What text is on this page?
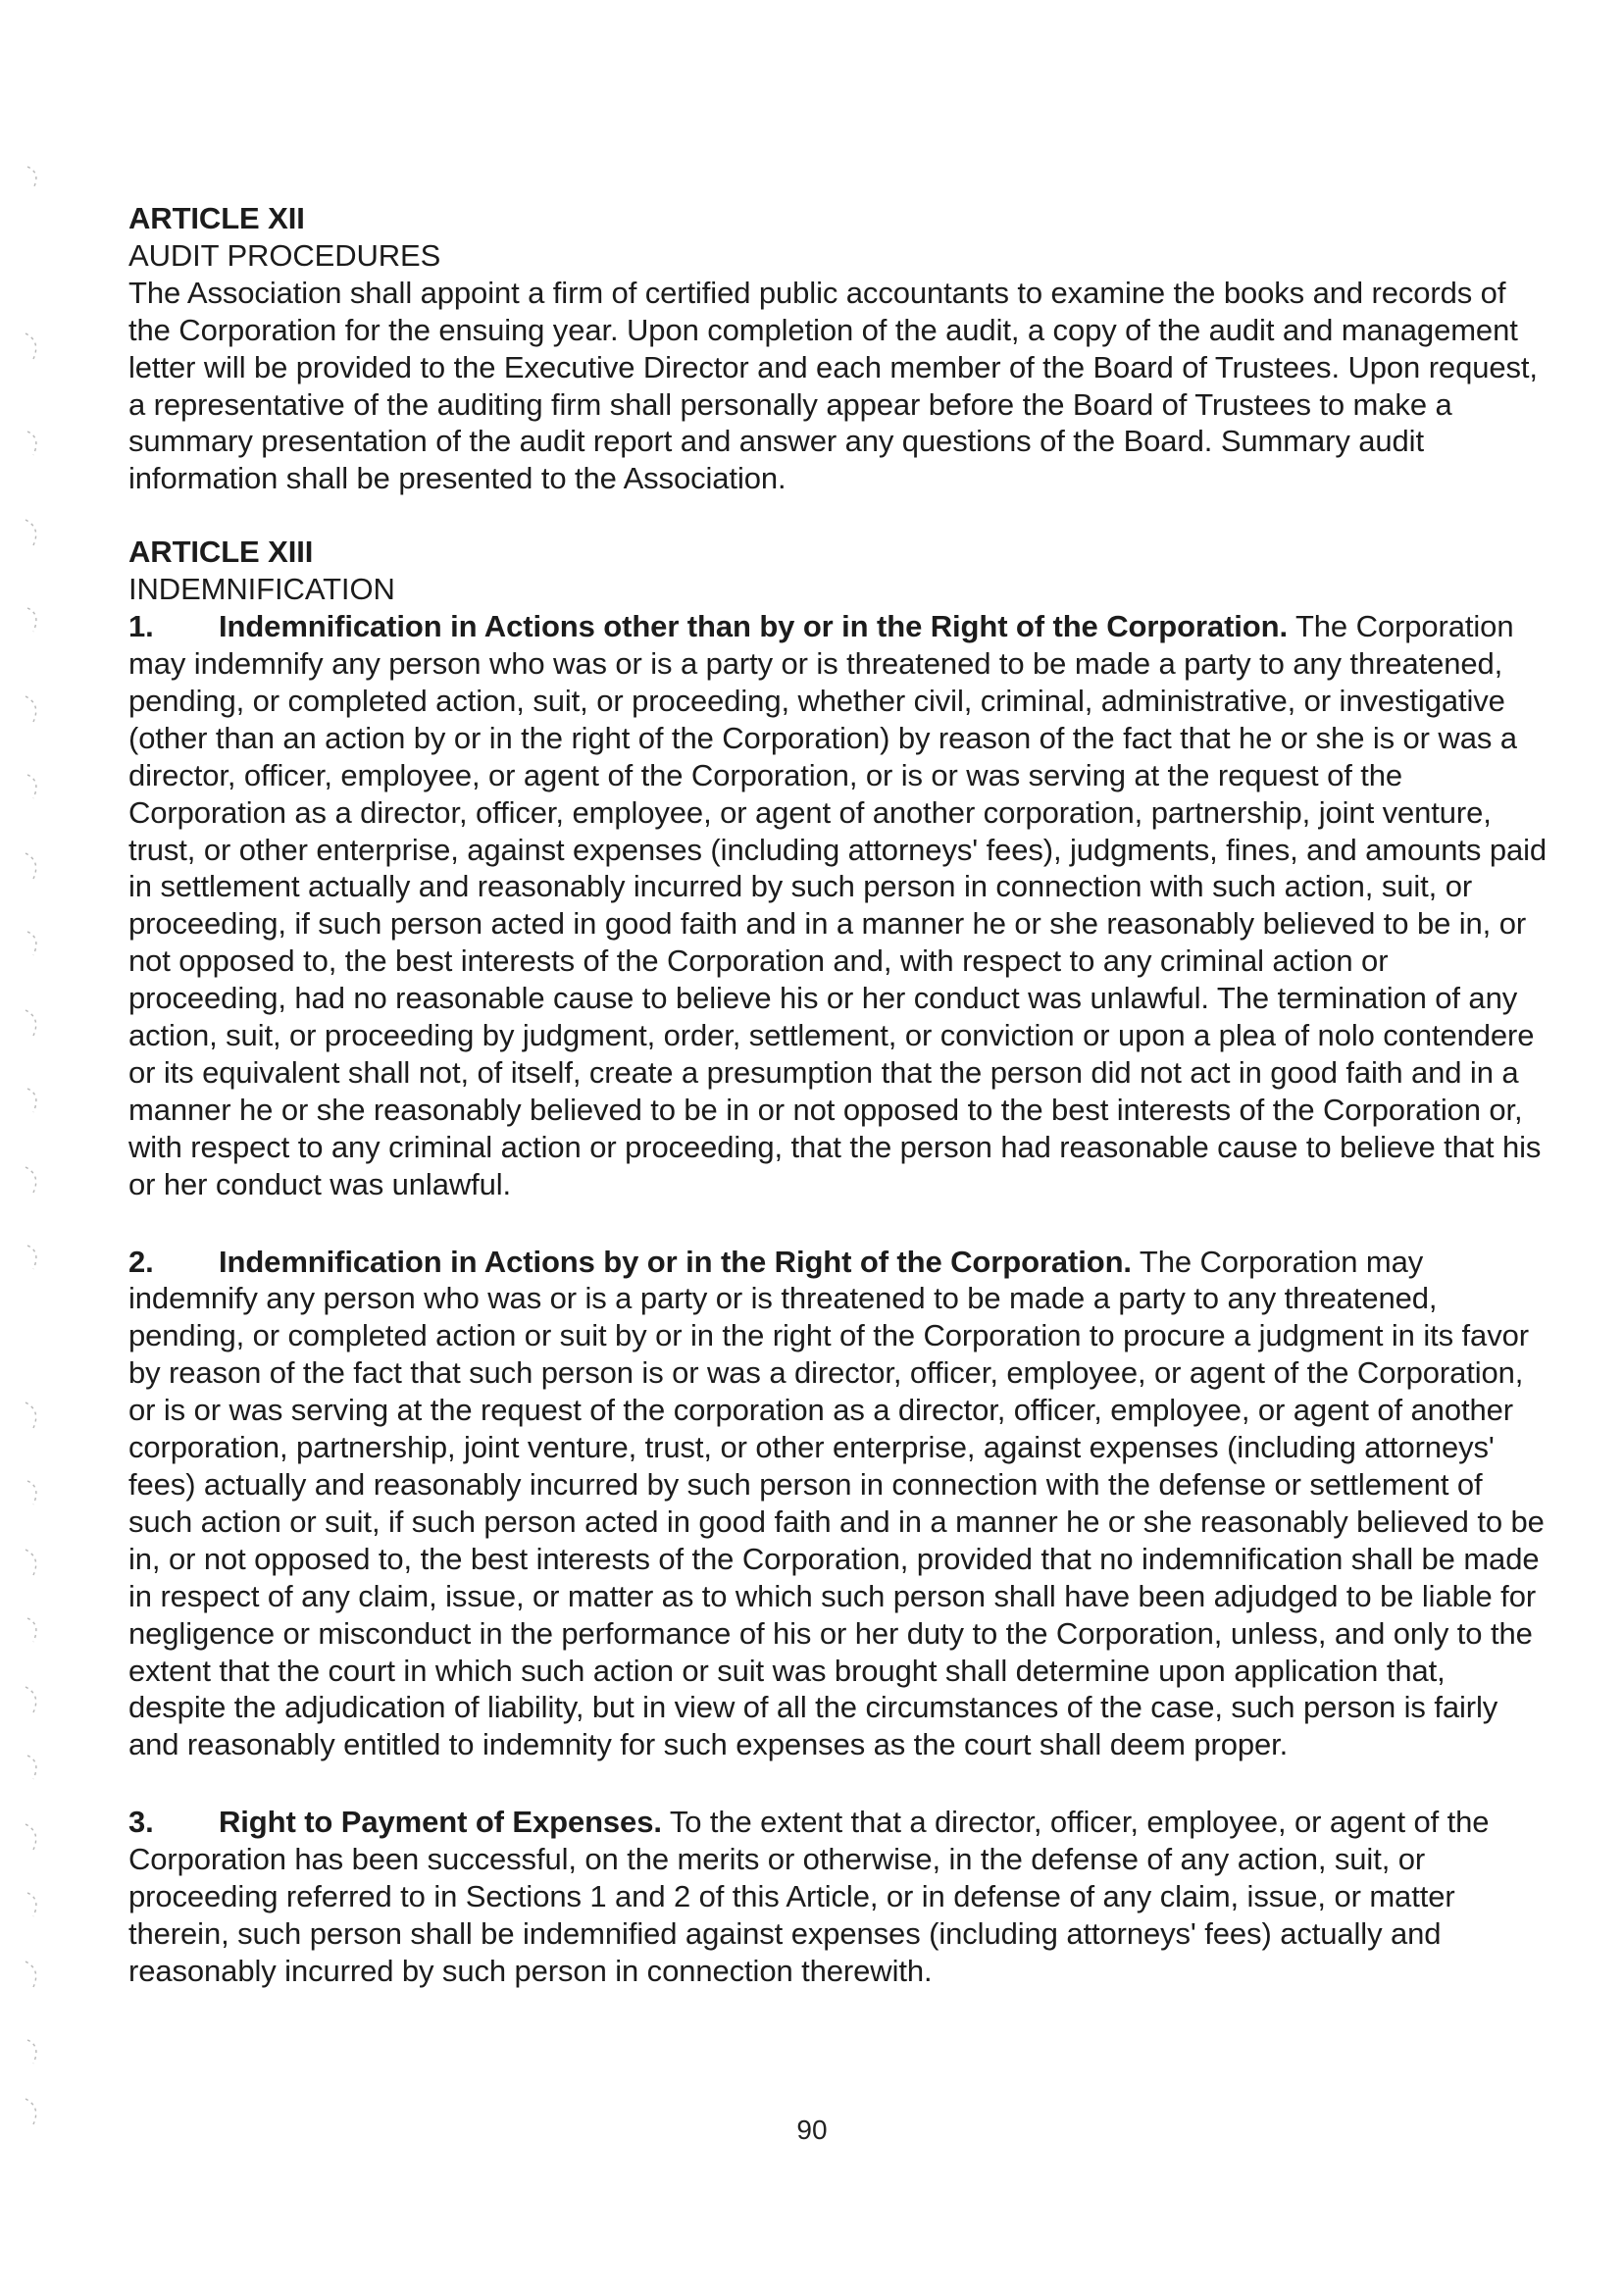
ARTICLE XII

AUDIT PROCEDURES

The Association shall appoint a firm of certified public accountants to examine the books and records of the Corporation for the ensuing year. Upon completion of the audit, a copy of the audit and management letter will be provided to the Executive Director and each member of the Board of Trustees. Upon request, a representative of the auditing firm shall personally appear before the Board of Trustees to make a summary presentation of the audit report and answer any questions of the Board. Summary audit information shall be presented to the Association.

ARTICLE XIII

INDEMNIFICATION

1. Indemnification in Actions other than by or in the Right of the Corporation. The Corporation may indemnify any person who was or is a party or is threatened to be made a party to any threatened, pending, or completed action, suit, or proceeding, whether civil, criminal, administrative, or investigative (other than an action by or in the right of the Corporation) by reason of the fact that he or she is or was a director, officer, employee, or agent of the Corporation, or is or was serving at the request of the Corporation as a director, officer, employee, or agent of another corporation, partnership, joint venture, trust, or other enterprise, against expenses (including attorneys' fees), judgments, fines, and amounts paid in settlement actually and reasonably incurred by such person in connection with such action, suit, or proceeding, if such person acted in good faith and in a manner he or she reasonably believed to be in, or not opposed to, the best interests of the Corporation and, with respect to any criminal action or proceeding, had no reasonable cause to believe his or her conduct was unlawful. The termination of any action, suit, or proceeding by judgment, order, settlement, or conviction or upon a plea of nolo contendere or its equivalent shall not, of itself, create a presumption that the person did not act in good faith and in a manner he or she reasonably believed to be in or not opposed to the best interests of the Corporation or, with respect to any criminal action or proceeding, that the person had reasonable cause to believe that his or her conduct was unlawful.

2. Indemnification in Actions by or in the Right of the Corporation. The Corporation may indemnify any person who was or is a party or is threatened to be made a party to any threatened, pending, or completed action or suit by or in the right of the Corporation to procure a judgment in its favor by reason of the fact that such person is or was a director, officer, employee, or agent of the Corporation, or is or was serving at the request of the corporation as a director, officer, employee, or agent of another corporation, partnership, joint venture, trust, or other enterprise, against expenses (including attorneys' fees) actually and reasonably incurred by such person in connection with the defense or settlement of such action or suit, if such person acted in good faith and in a manner he or she reasonably believed to be in, or not opposed to, the best interests of the Corporation, provided that no indemnification shall be made in respect of any claim, issue, or matter as to which such person shall have been adjudged to be liable for negligence or misconduct in the performance of his or her duty to the Corporation, unless, and only to the extent that the court in which such action or suit was brought shall determine upon application that, despite the adjudication of liability, but in view of all the circumstances of the case, such person is fairly and reasonably entitled to indemnity for such expenses as the court shall deem proper.

3. Right to Payment of Expenses. To the extent that a director, officer, employee, or agent of the Corporation has been successful, on the merits or otherwise, in the defense of any action, suit, or proceeding referred to in Sections 1 and 2 of this Article, or in defense of any claim, issue, or matter therein, such person shall be indemnified against expenses (including attorneys' fees) actually and reasonably incurred by such person in connection therewith.

90
